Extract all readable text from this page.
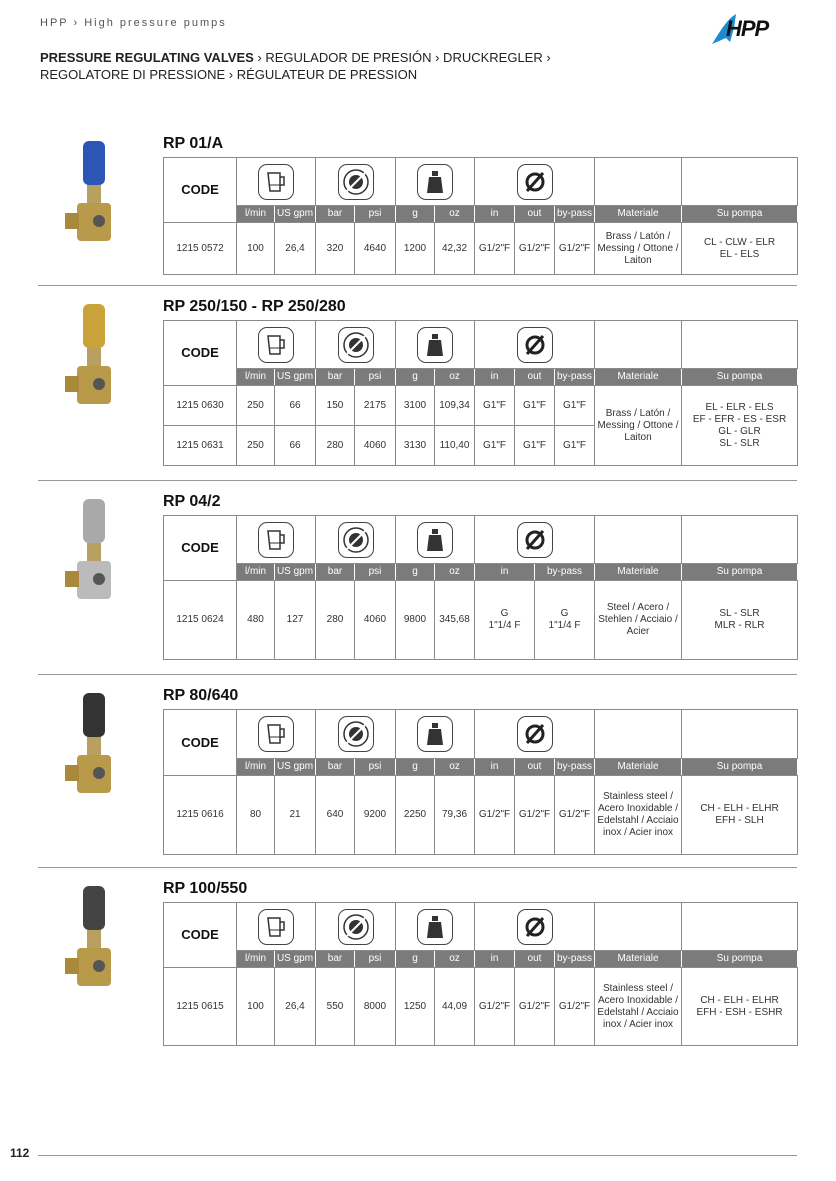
HPP › High pressure pumps	HPP
PRESSURE REGULATING VALVES › REGULADOR DE PRESIÓN › DRUCKREGLER ›
REGOLATORE DI PRESSIONE › RÉGULATEUR DE PRESSION
RP 01/A
CODE						
	l/min	US gpm	bar	psi	g	oz	in	out	by-pass	Materiale	Su pompa
1215 0572	100	26,4	320	4640	1200	42,32	G1/2"F	G1/2"F	G1/2"F	Brass / Latón / Messing / Ottone / Laiton	CL - CLW - ELR
EL - ELS
RP 250/150 - RP 250/280
CODE						
	l/min	US gpm	bar	psi	g	oz	in	out	by-pass	Materiale	Su pompa
1215 0630	250	66	150	2175	3100	109,34	G1"F	G1"F	G1"F	Brass / Latón / Messing / Ottone / Laiton	EL - ELR - ELS
EF - EFR - ES - ESR
GL - GLR
SL - SLR
1215 0631	250	66	280	4060	3130	110,40	G1"F	G1"F	G1"F		
RP 04/2
CODE						
	l/min	US gpm	bar	psi	g	oz	in	by-pass	Materiale	Su pompa
1215 0624	480	127	280	4060	9800	345,68	G
1"1/4 F	G
1"1/4 F	Steel / Acero / Stehlen / Acciaio / Acier	SL - SLR
MLR - RLR
RP 80/640
CODE						
	l/min	US gpm	bar	psi	g	oz	in	out	by-pass	Materiale	Su pompa
1215 0616	80	21	640	9200	2250	79,36	G1/2"F	G1/2"F	G1/2"F	Stainless steel / Acero Inoxidable / Edelstahl / Acciaio inox / Acier inox	CH - ELH - ELHR
EFH - SLH
RP 100/550
CODE						
	l/min	US gpm	bar	psi	g	oz	in	out	by-pass	Materiale	Su pompa
1215 0615	100	26,4	550	8000	1250	44,09	G1/2"F	G1/2"F	G1/2"F	Stainless steel / Acero Inoxidable / Edelstahl / Acciaio inox / Acier inox	CH - ELH - ELHR
EFH - ESH - ESHR
112
